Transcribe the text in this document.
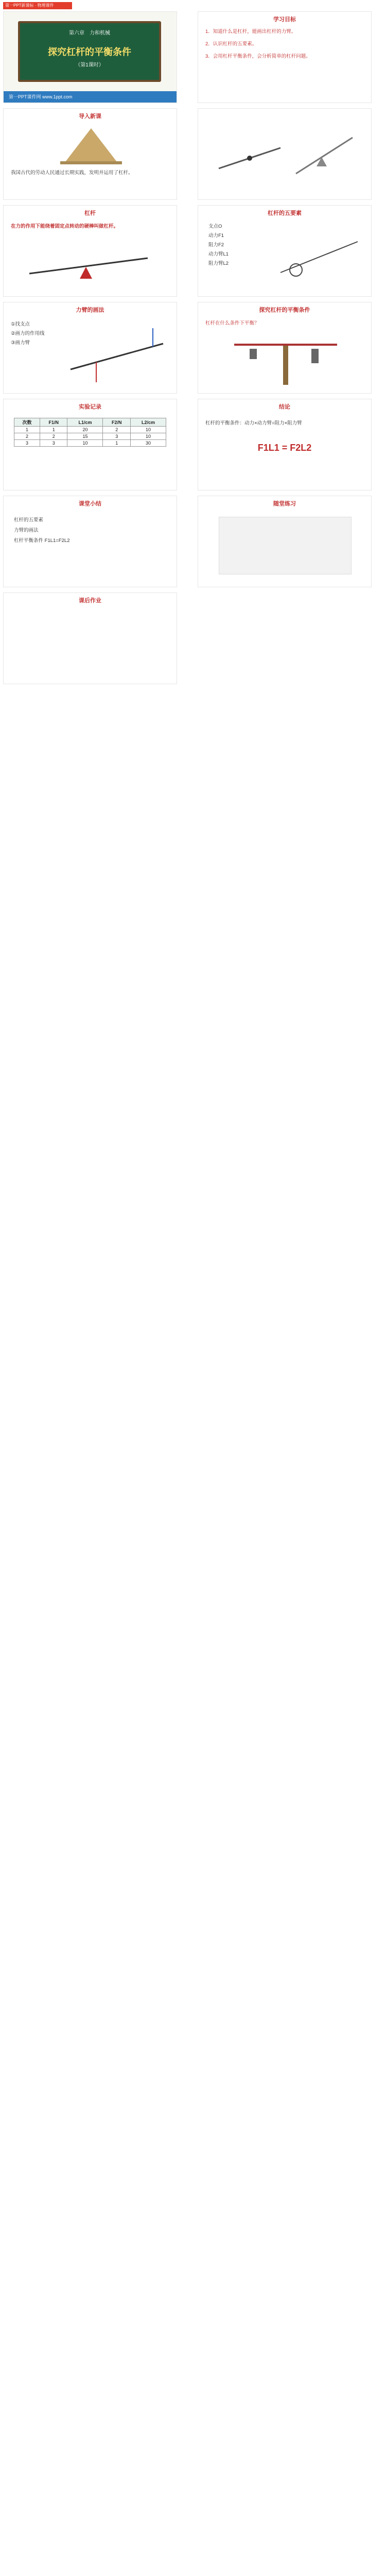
第一PPT新课标 · 物理课件
第六章　力和机械
探究杠杆的平衡条件
（第1课时）
第一PPT课件网 www.1ppt.com
学习目标
1．知道什么是杠杆，能画出杠杆的力臂。
2．认识杠杆的五要素。
3．会用杠杆平衡条件，会分析简单的杠杆问题。
导入新课
我国古代的劳动人民通过长期实践，发明并运用了杠杆。
杠杆
在力的作用下能绕着固定点转动的硬棒叫做杠杆。
杠杆的五要素
支点O
动力F1
阻力F2
动力臂L1
阻力臂L2
力臂的画法
①找支点
②画力的作用线
③画力臂
探究杠杆的平衡条件
杠杆在什么条件下平衡？
实验记录
次数	F1/N	L1/cm	F2/N	L2/cm
1	1	20	2	10
2	2	15	3	10
3	3	10	1	30
结论
杠杆的平衡条件：动力×动力臂=阻力×阻力臂
F1L1 = F2L2
课堂小结
杠杆的五要素
力臂的画法
杠杆平衡条件 F1L1=F2L2
随堂练习
课后作业
